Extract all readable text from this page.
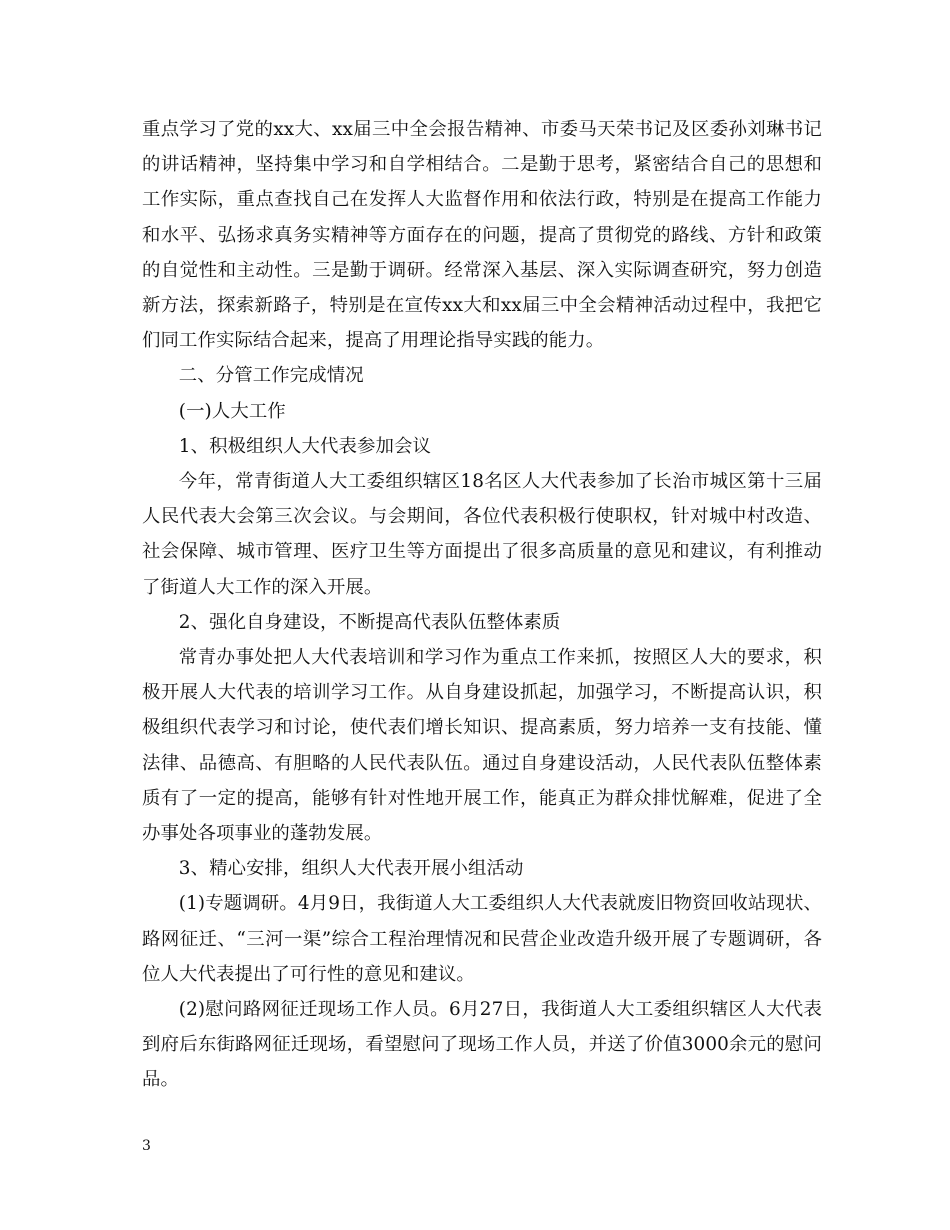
重点学习了党的xx大、xx届三中全会报告精神、市委马天荣书记及区委孙刘琳书记的讲话精神，坚持集中学习和自学相结合。二是勤于思考，紧密结合自己的思想和工作实际，重点查找自己在发挥人大监督作用和依法行政，特别是在提高工作能力和水平、弘扬求真务实精神等方面存在的问题，提高了贯彻党的路线、方针和政策的自觉性和主动性。三是勤于调研。经常深入基层、深入实际调查研究，努力创造新方法，探索新路子，特别是在宣传xx大和xx届三中全会精神活动过程中，我把它们同工作实际结合起来，提高了用理论指导实践的能力。

二、分管工作完成情况

(一)人大工作

1、积极组织人大代表参加会议

今年，常青街道人大工委组织辖区18名区人大代表参加了长治市城区第十三届人民代表大会第三次会议。与会期间，各位代表积极行使职权，针对城中村改造、社会保障、城市管理、医疗卫生等方面提出了很多高质量的意见和建议，有利推动了街道人大工作的深入开展。

2、强化自身建设，不断提高代表队伍整体素质

常青办事处把人大代表培训和学习作为重点工作来抓，按照区人大的要求，积极开展人大代表的培训学习工作。从自身建设抓起，加强学习，不断提高认识，积极组织代表学习和讨论，使代表们增长知识、提高素质，努力培养一支有技能、懂法律、品德高、有胆略的人民代表队伍。通过自身建设活动，人民代表队伍整体素质有了一定的提高，能够有针对性地开展工作，能真正为群众排忧解难，促进了全办事处各项事业的蓬勃发展。

3、精心安排，组织人大代表开展小组活动

(1)专题调研。4月9日，我街道人大工委组织人大代表就废旧物资回收站现状、路网征迁、“三河一渠”综合工程治理情况和民营企业改造升级开展了专题调研，各位人大代表提出了可行性的意见和建议。

(2)慰问路网征迁现场工作人员。6月27日，我街道人大工委组织辖区人大代表到府后东街路网征迁现场，看望慰问了现场工作人员，并送了价值3000余元的慰问品。

3
